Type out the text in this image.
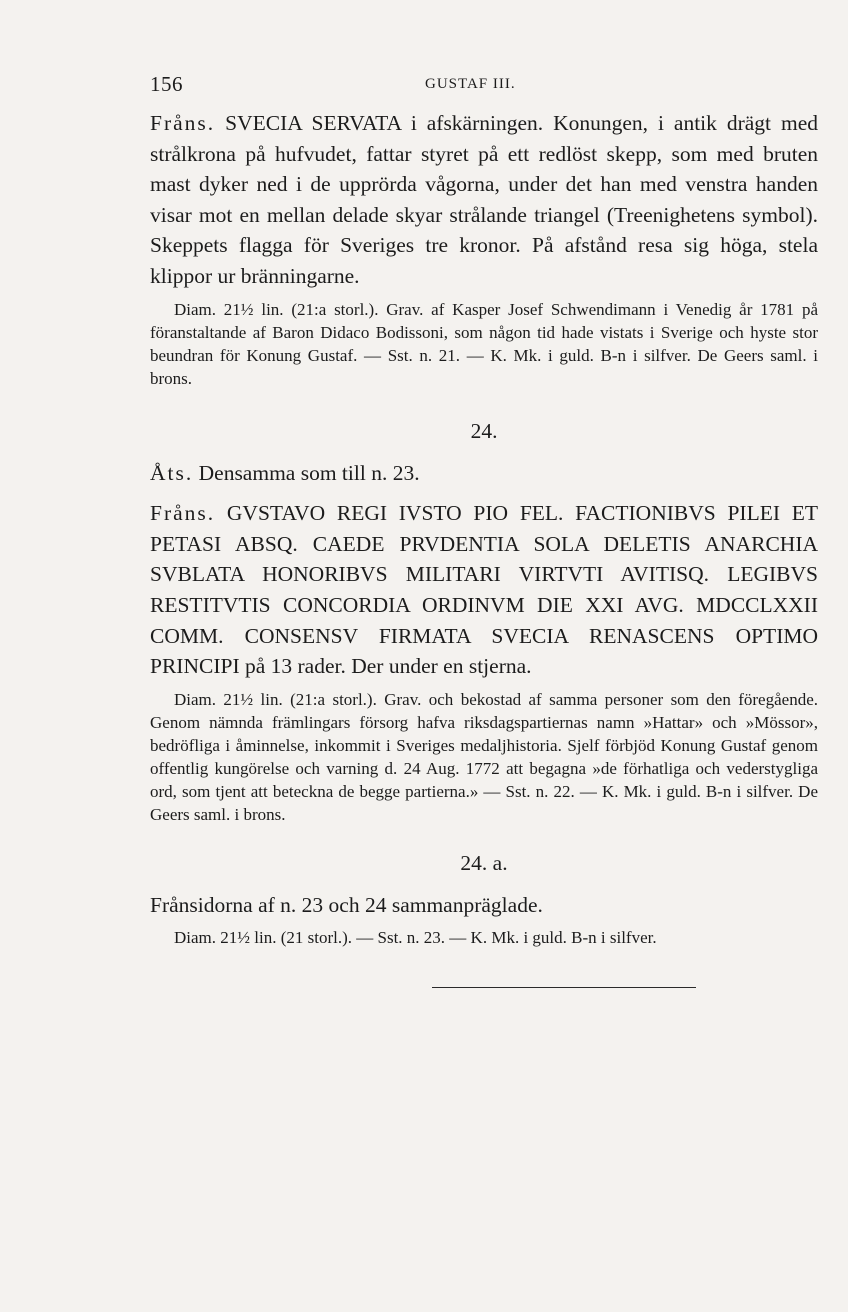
156	GUSTAF III.

Fråns. SVECIA SERVATA i afskärningen. Konungen, i antik drägt med strålkrona på hufvudet, fattar styret på ett redlöst skepp, som med bruten mast dyker ned i de upprörda vågorna, under det han med venstra handen visar mot en mellan delade skyar strålande triangel (Treenighetens symbol). Skeppets flagga för Sveriges tre kronor. På afstånd resa sig höga, stela klippor ur bränningarne.

Diam. 21½ lin. (21:a storl.). Grav. af Kasper Josef Schwendimann i Venedig år 1781 på föranstaltande af Baron Didaco Bodissoni, som någon tid hade vistats i Sverige och hyste stor beundran för Konung Gustaf. — Sst. n. 21. — K. Mk. i guld. B-n i silfver. De Geers saml. i brons.

24.

Åts. Densamma som till n. 23.

Fråns. GVSTAVO REGI IVSTO PIO FEL. FACTIONIBVS PILEI ET PETASI ABSQ. CAEDE PRVDENTIA SOLA DELETIS ANARCHIA SVBLATA HONORIBVS MILITARI VIRTVTI AVITISQ. LEGIBVS RESTITVTIS CONCORDIA ORDINVM DIE XXI AVG. MDCCLXXII COMM. CONSENSV FIRMATA SVECIA RENASCENS OPTIMO PRINCIPI på 13 rader. Der under en stjerna.

Diam. 21½ lin. (21:a storl.). Grav. och bekostad af samma personer som den föregående. Genom nämnda främlingars försorg hafva riksdagspartiernas namn »Hattar» och »Mössor», bedröfliga i åminnelse, inkommit i Sveriges medaljhistoria. Sjelf förbjöd Konung Gustaf genom offentlig kungörelse och varning d. 24 Aug. 1772 att begagna »de förhatliga och vederstygliga ord, som tjent att beteckna de begge partierna.» — Sst. n. 22. — K. Mk. i guld. B-n i silfver. De Geers saml. i brons.

24. a.

Frånsidorna af n. 23 och 24 sammanpräglade.

Diam. 21½ lin. (21 storl.). — Sst. n. 23. — K. Mk. i guld. B-n i silfver.
